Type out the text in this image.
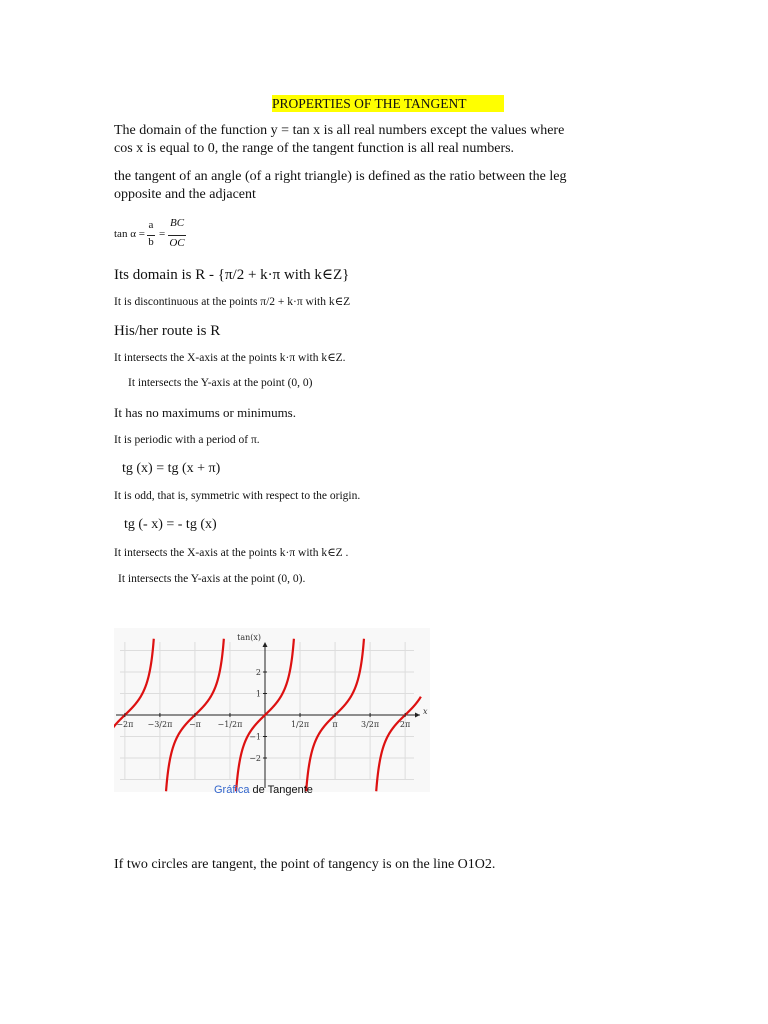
PROPERTIES OF THE TANGENT
The domain of the function y = tan x is all real numbers except the values where
cos x is equal to 0, the range of the tangent function is all real numbers.
the tangent of an angle (of a right triangle) is defined as the ratio between the leg
opposite and the adjacent
tan α =
a
b
=
BC
OC
Its domain is R - {π/2 + k·π with k∈Z}
It is discontinuous at the points π/2 + k·π with k∈Z
His/her route is R
It intersects the X-axis at the points k·π with k∈Z.
It intersects the Y-axis at the point (0, 0)
It has no maximums or minimums.
It is periodic with a period of π.
tg (x) = tg (x + π)
It is odd, that is, symmetric with respect to the origin.
tg (- x) = - tg (x)
It intersects the X-axis at the points k·π with k∈Z .
It intersects the Y-axis at the point (0, 0).
−2π −3/2π −π −1/2π	1/2π	π	3/2π	2π
2
1
−1
−2
tan(x)
x
Gráfica de Tangente
If two circles are tangent, the point of tangency is on the line O1O2.
